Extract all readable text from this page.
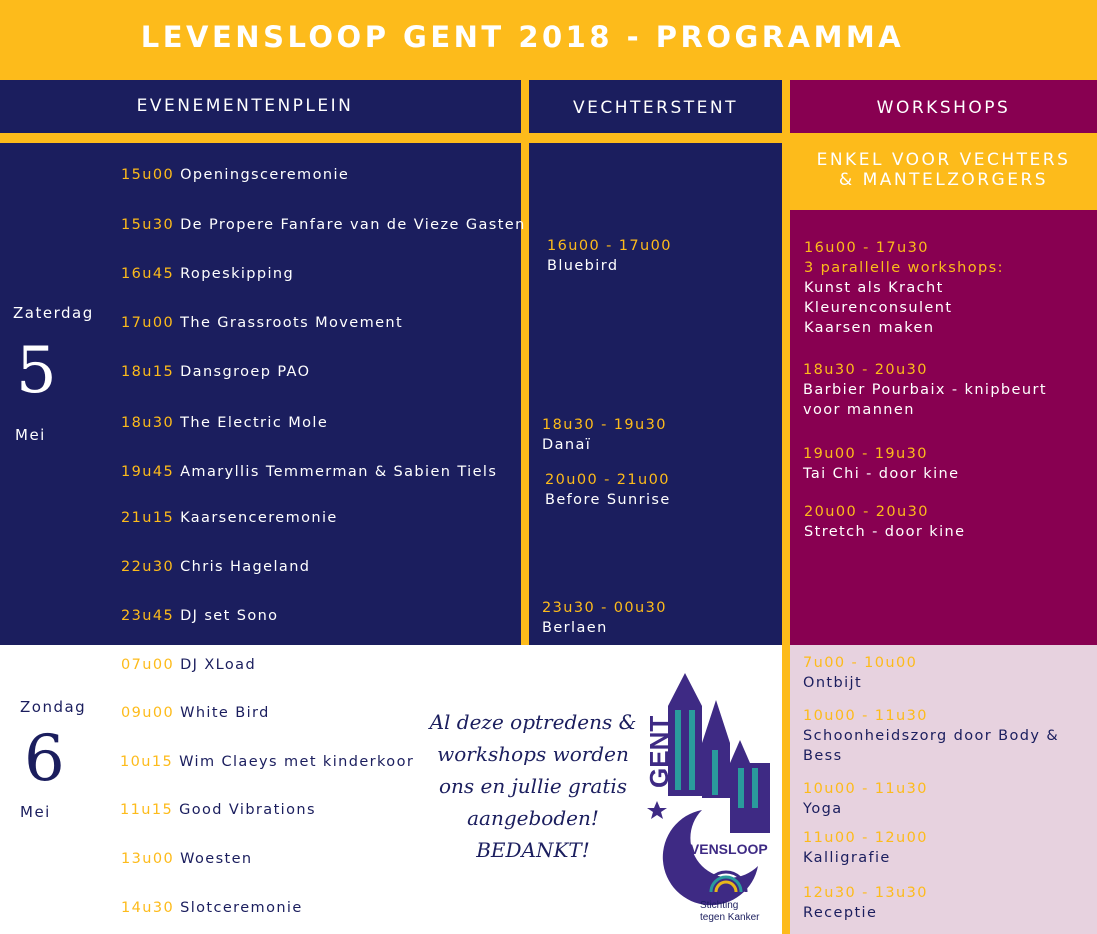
LEVENSLOOP GENT 2018 - PROGRAMMA
EVENEMENTENPLEIN	VECHTERSTENT	WORKSHOPS
ENKEL VOOR VECHTERS
& MANTELZORGERS
Zaterdag
5
Mei
15u00 Openingsceremonie
15u30 De Propere Fanfare van de Vieze Gasten
16u45 Ropeskipping
17u00 The Grassroots Movement
18u15 Dansgroep PAO
18u30 The Electric Mole
19u45 Amaryllis Temmerman & Sabien Tiels
21u15 Kaarsenceremonie
22u30 Chris Hageland
23u45 DJ set Sono
16u00 - 17u00
Bluebird
18u30 - 19u30
Danaï
20u00 - 21u00
Before Sunrise
23u30 - 00u30
Berlaen
16u00 - 17u30
3 parallelle workshops:
Kunst als Kracht
Kleurenconsulent
Kaarsen maken
18u30 - 20u30
Barbier Pourbaix - knipbeurt
voor mannen
19u00 - 19u30
Tai Chi - door kine
20u00 - 20u30
Stretch - door kine
Zondag
6
Mei
07u00 DJ XLoad
09u00 White Bird
10u15 Wim Claeys met kinderkoor
11u15 Good Vibrations
13u00 Woesten
14u30 Slotceremonie
Al deze optredens &
workshops worden
ons en jullie gratis
aangeboden!
BEDANKT!
GENT
LEVENSLOOP
Stichting
tegen Kanker
7u00 - 10u00
Ontbijt
10u00 - 11u30
Schoonheidszorg door Body &
Bess
10u00 - 11u30
Yoga
11u00 - 12u00
Kalligrafie
12u30 - 13u30
Receptie
